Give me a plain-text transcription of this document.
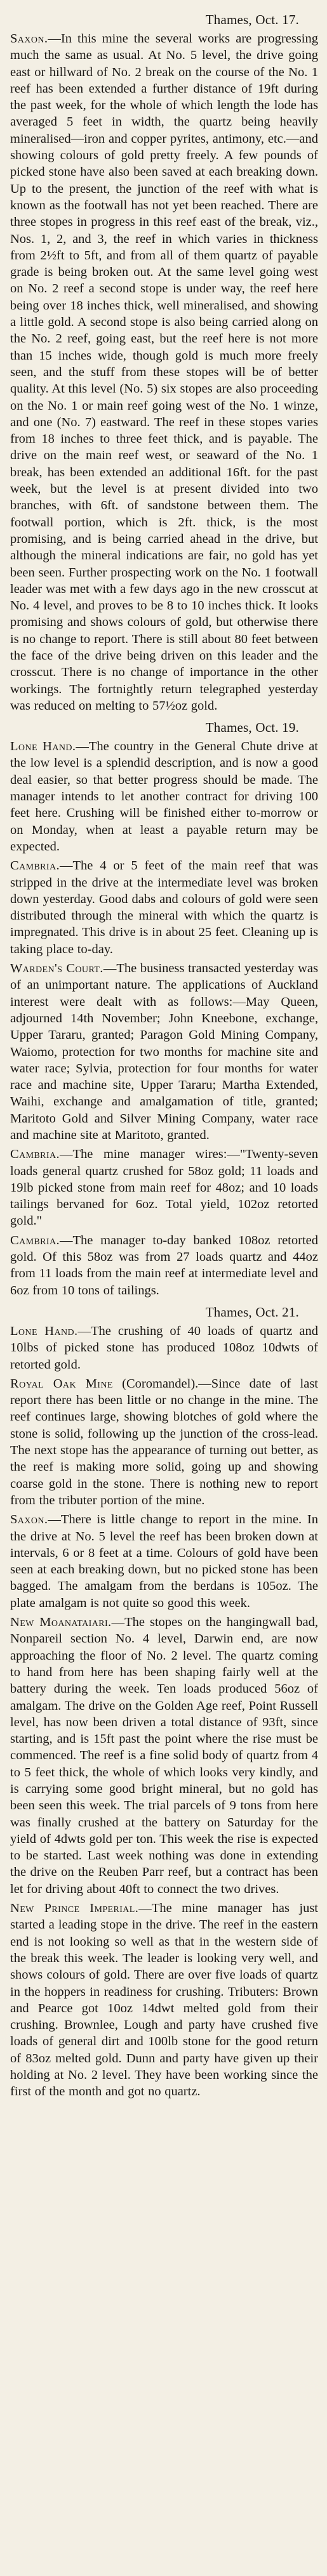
Thames, Oct. 17.

Saxon.—In this mine the several works are progressing much the same as usual. At No. 5 level, the drive going east or hillward of No. 2 break on the course of the No. 1 reef has been extended a further distance of 19ft during the past week, for the whole of which length the lode has averaged 5 feet in width, the quartz being heavily mineralised—iron and copper pyrites, antimony, etc.—and showing colours of gold pretty freely. A few pounds of picked stone have also been saved at each breaking down. Up to the present, the junction of the reef with what is known as the footwall has not yet been reached. There are three stopes in progress in this reef east of the break, viz., Nos. 1, 2, and 3, the reef in which varies in thickness from 2½ft to 5ft, and from all of them quartz of payable grade is being broken out. At the same level going west on No. 2 reef a second stope is under way, the reef here being over 18 inches thick, well mineralised, and showing a little gold. A second stope is also being carried along on the No. 2 reef, going east, but the reef here is not more than 15 inches wide, though gold is much more freely seen, and the stuff from these stopes will be of better quality. At this level (No. 5) six stopes are also proceeding on the No. 1 or main reef going west of the No. 1 winze, and one (No. 7) eastward. The reef in these stopes varies from 18 inches to three feet thick, and is payable. The drive on the main reef west, or seaward of the No. 1 break, has been extended an additional 16ft. for the past week, but the level is at present divided into two branches, with 6ft. of sandstone between them. The footwall portion, which is 2ft. thick, is the most promising, and is being carried ahead in the drive, but although the mineral indications are fair, no gold has yet been seen. Further prospecting work on the No. 1 footwall leader was met with a few days ago in the new crosscut at No. 4 level, and proves to be 8 to 10 inches thick. It looks promising and shows colours of gold, but otherwise there is no change to report. There is still about 80 feet between the face of the drive being driven on this leader and the crosscut. There is no change of importance in the other workings. The fortnightly return telegraphed yesterday was reduced on melting to 57½oz gold.

Thames, Oct. 19.

Lone Hand.—The country in the General Chute drive at the low level is a splendid description, and is now a good deal easier, so that better progress should be made. The manager intends to let another contract for driving 100 feet here. Crushing will be finished either to-morrow or on Monday, when at least a payable return may be expected.

Cambria.—The 4 or 5 feet of the main reef that was stripped in the drive at the intermediate level was broken down yesterday. Good dabs and colours of gold were seen distributed through the mineral with which the quartz is impregnated. This drive is in about 25 feet. Cleaning up is taking place to-day.

Warden's Court.—The business transacted yesterday was of an unimportant nature. The applications of Auckland interest were dealt with as follows:—May Queen, adjourned 14th November; John Kneebone, exchange, Upper Tararu, granted; Paragon Gold Mining Company, Waiomo, protection for two months for machine site and water race; Sylvia, protection for four months for water race and machine site, Upper Tararu; Martha Extended, Waihi, exchange and amalgamation of title, granted; Maritoto Gold and Silver Mining Company, water race and machine site at Maritoto, granted.

Cambria.—The mine manager wires:—"Twenty-seven loads general quartz crushed for 58oz gold; 11 loads and 19lb picked stone from main reef for 48oz; and 10 loads tailings bervaned for 6oz. Total yield, 102oz retorted gold."

Cambria.—The manager to-day banked 108oz retorted gold. Of this 58oz was from 27 loads quartz and 44oz from 11 loads from the main reef at intermediate level and 6oz from 10 tons of tailings.

Thames, Oct. 21.

Lone Hand.—The crushing of 40 loads of quartz and 10lbs of picked stone has produced 108oz 10dwts of retorted gold.

Royal Oak Mine (Coromandel).—Since date of last report there has been little or no change in the mine. The reef continues large, showing blotches of gold where the stone is solid, following up the junction of the cross-lead. The next stope has the appearance of turning out better, as the reef is making more solid, going up and showing coarse gold in the stone. There is nothing new to report from the tributer portion of the mine.

Saxon.—There is little change to report in the mine. In the drive at No. 5 level the reef has been broken down at intervals, 6 or 8 feet at a time. Colours of gold have been seen at each breaking down, but no picked stone has been bagged. The amalgam from the berdans is 105oz. The plate amalgam is not quite so good this week.

New Moanataiari.—The stopes on the hangingwall bad, Nonpareil section No. 4 level, Darwin end, are now approaching the floor of No. 2 level. The quartz coming to hand from here has been shaping fairly well at the battery during the week. Ten loads produced 56oz of amalgam. The drive on the Golden Age reef, Point Russell level, has now been driven a total distance of 93ft, since starting, and is 15ft past the point where the rise must be commenced. The reef is a fine solid body of quartz from 4 to 5 feet thick, the whole of which looks very kindly, and is carrying some good bright mineral, but no gold has been seen this week. The trial parcels of 9 tons from here was finally crushed at the battery on Saturday for the yield of 4dwts gold per ton. This week the rise is expected to be started. Last week nothing was done in extending the drive on the Reuben Parr reef, but a contract has been let for driving about 40ft to connect the two drives.

New Prince Imperial.—The mine manager has just started a leading stope in the drive. The reef in the eastern end is not looking so well as that in the western side of the break this week. The leader is looking very well, and shows colours of gold. There are over five loads of quartz in the hoppers in readiness for crushing. Tributers: Brown and Pearce got 10oz 14dwt melted gold from their crushing. Brownlee, Lough and party have crushed five loads of general dirt and 100lb stone for the good return of 83oz melted gold. Dunn and party have given up their holding at No. 2 level. They have been working since the first of the month and got no quartz.
